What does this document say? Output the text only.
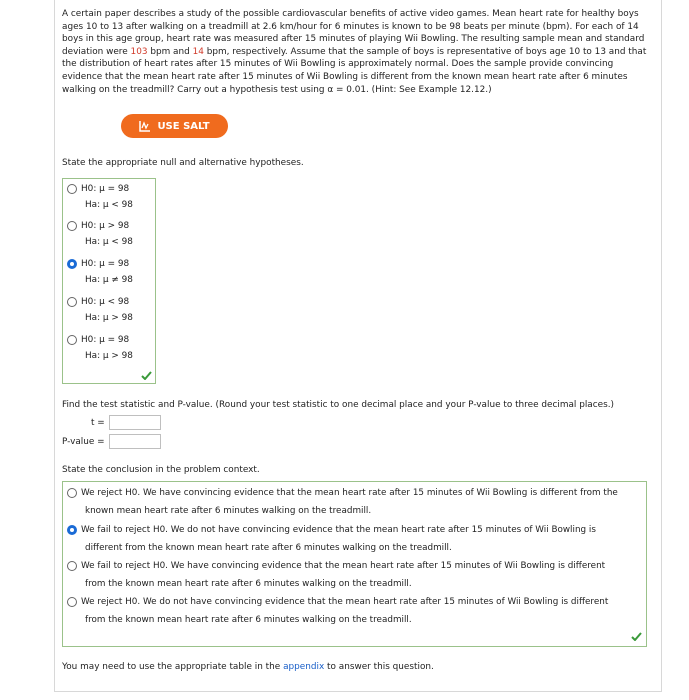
A certain paper describes a study of the possible cardiovascular benefits of active video games. Mean heart rate for healthy boys ages 10 to 13 after walking on a treadmill at 2.6 km/hour for 6 minutes is known to be 98 beats per minute (bpm). For each of 14 boys in this age group, heart rate was measured after 15 minutes of playing Wii Bowling. The resulting sample mean and standard deviation were 103 bpm and 14 bpm, respectively. Assume that the sample of boys is representative of boys age 10 to 13 and that the distribution of heart rates after 15 minutes of Wii Bowling is approximately normal. Does the sample provide convincing evidence that the mean heart rate after 15 minutes of Wii Bowling is different from the known mean heart rate after 6 minutes walking on the treadmill? Carry out a hypothesis test using α = 0.01. (Hint: See Example 12.12.)
USE SALT
State the appropriate null and alternative hypotheses.
H0: μ = 98
Ha: μ < 98
H0: μ > 98
Ha: μ < 98
H0: μ = 98
Ha: μ ≠ 98
H0: μ < 98
Ha: μ > 98
H0: μ = 98
Ha: μ > 98
Find the test statistic and P-value. (Round your test statistic to one decimal place and your P-value to three decimal places.)
t =
P-value =
State the conclusion in the problem context.
We reject H0. We have convincing evidence that the mean heart rate after 15 minutes of Wii Bowling is different from the
known mean heart rate after 6 minutes walking on the treadmill.
We fail to reject H0. We do not have convincing evidence that the mean heart rate after 15 minutes of Wii Bowling is
different from the known mean heart rate after 6 minutes walking on the treadmill.
We fail to reject H0. We have convincing evidence that the mean heart rate after 15 minutes of Wii Bowling is different
from the known mean heart rate after 6 minutes walking on the treadmill.
We reject H0. We do not have convincing evidence that the mean heart rate after 15 minutes of Wii Bowling is different
from the known mean heart rate after 6 minutes walking on the treadmill.
You may need to use the appropriate table in the appendix to answer this question.
